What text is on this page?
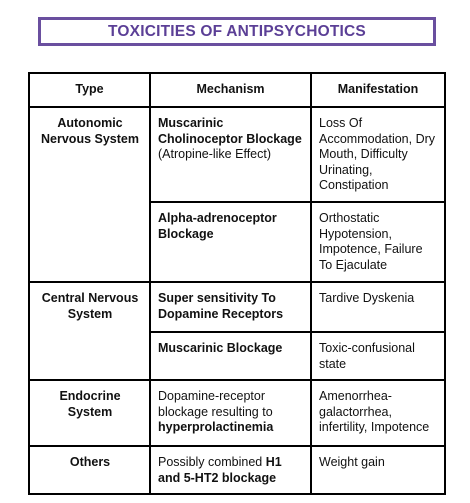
TOXICITIES OF ANTIPSYCHOTICS
Type	Mechanism	Manifestation
Autonomic Nervous System	Muscarinic Cholinoceptor Blockage (Atropine-like Effect)	Loss Of Accommodation, Dry Mouth, Difficulty Urinating, Constipation
	Alpha-adrenoceptor Blockage	Orthostatic Hypotension, Impotence, Failure To Ejaculate
Central Nervous System	Super sensitivity To Dopamine Receptors	Tardive Dyskenia
	Muscarinic Blockage	Toxic-confusional state
Endocrine System	Dopamine-receptor blockage resulting to hyperprolactinemia	Amenorrhea-galactorrhea, infertility, Impotence
Others	Possibly combined H1 and 5-HT2 blockage	Weight gain
